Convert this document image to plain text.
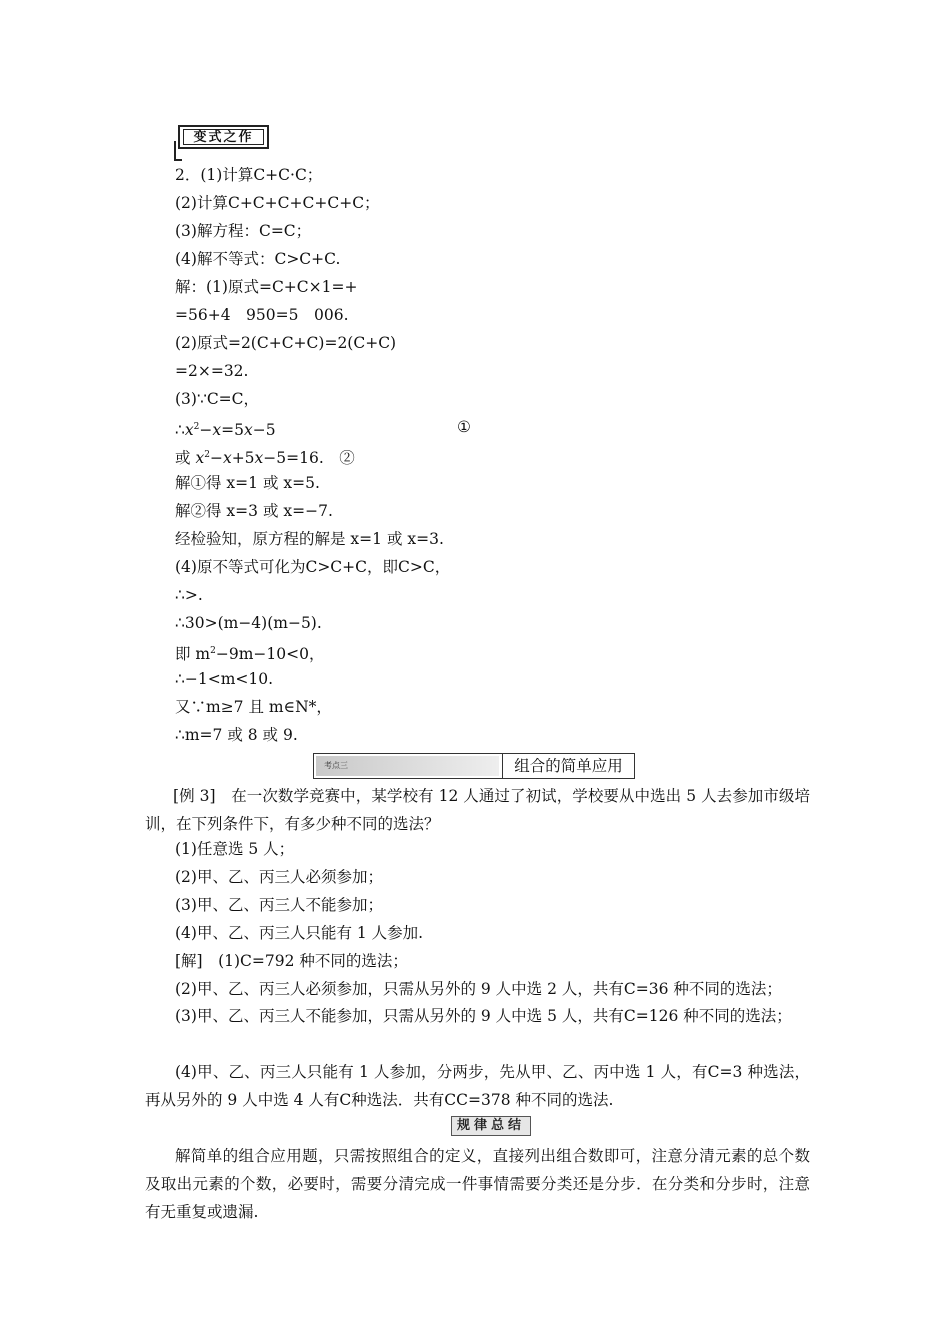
变式之作
2．(1)计算C+C·C；
(2)计算C+C+C+C+C+C；
(3)解方程：C=C；
(4)解不等式：C>C+C.
解：(1)原式=C+C×1=+
=56+4　950=5　006.
(2)原式=2(C+C+C)=2(C+C)
=2×=32.
(3)∵C=C，
$\therefore x^2-x=5x-5$	①
或 $x^2-x+5x-5=16$.　②
解①得 x=1 或 x=5.
解②得 x=3 或 x=−7.
经检验知，原方程的解是 x=1 或 x=3.
(4)原不等式可化为C>C+C，即C>C，
∴>.
∴30>(m−4)(m−5).
即 $m^2-9m-10<0$，
∴−1<m<10.
又∵m≥7 且 m∈N*，
∴m=7 或 8 或 9.
考点三	组合的简单应用
[例 3]　在一次数学竞赛中，某学校有 12 人通过了初试，学校要从中选出 5 人去参加市级培训，在下列条件下，有多少种不同的选法？
(1)任意选 5 人；
(2)甲、乙、丙三人必须参加；
(3)甲、乙、丙三人不能参加；
(4)甲、乙、丙三人只能有 1 人参加.
[解]　(1)C=792 种不同的选法；
(2)甲、乙、丙三人必须参加，只需从另外的 9 人中选 2 人，共有C=36 种不同的选法；
(3)甲、乙、丙三人不能参加，只需从另外的 9 人中选 5 人，共有C=126 种不同的选法；
(4)甲、乙、丙三人只能有 1 人参加，分两步，先从甲、乙、丙中选 1 人，有C=3 种选法，再从另外的 9 人中选 4 人有C种选法．共有CC=378 种不同的选法.
规律总结
解简单的组合应用题，只需按照组合的定义，直接列出组合数即可，注意分清元素的总个数及取出元素的个数，必要时，需要分清完成一件事情需要分类还是分步．在分类和分步时，注意有无重复或遗漏.
